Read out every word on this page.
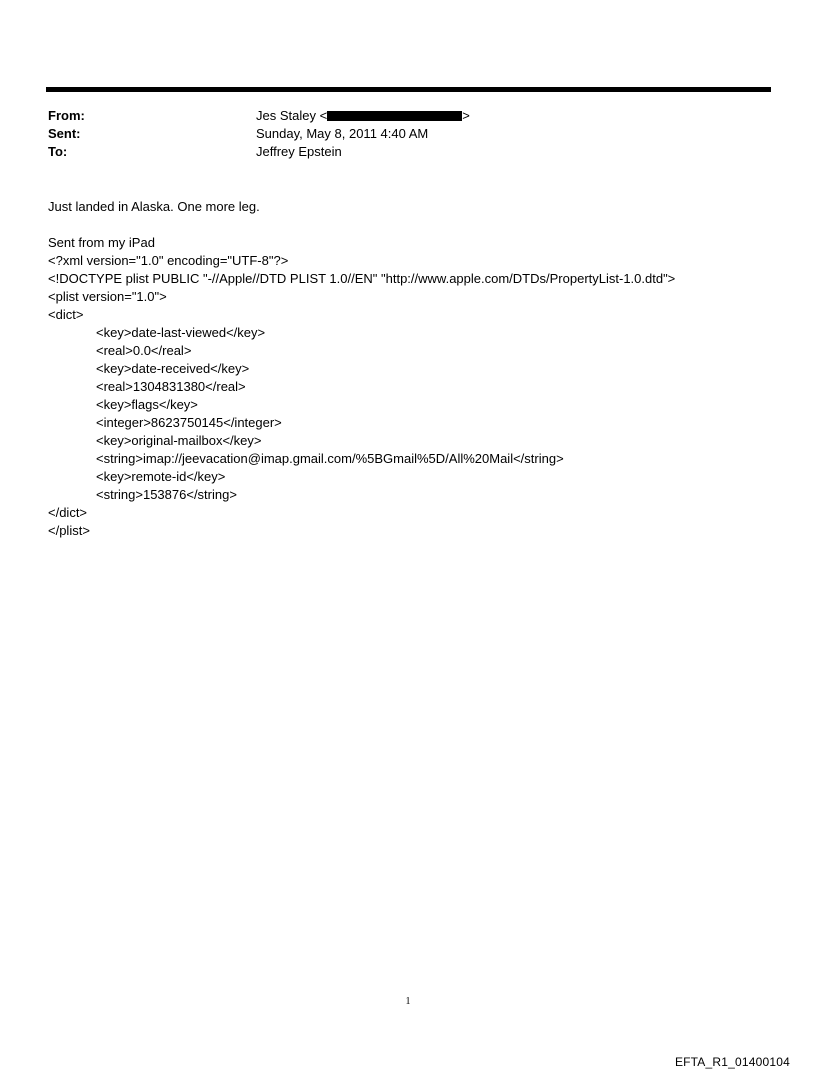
From:	Jes Staley <	>
Sent:	Sunday, May 8, 2011 4:40 AM
To:	Jeffrey Epstein
Just landed in Alaska. One more leg.
Sent from my iPad
<?xml version="1.0" encoding="UTF-8"?>
<!DOCTYPE plist PUBLIC "-//Apple//DTD PLIST 1.0//EN" "http://www.apple.com/DTDs/PropertyList-1.0.dtd">
<plist version="1.0">
<dict>
<key>date-last-viewed</key>
<real>0.0</real>
<key>date-received</key>
<real>1304831380</real>
<key>flags</key>
<integer>8623750145</integer>
<key>original-mailbox</key>
<string>imap://jeevacation@imap.gmail.com/%5BGmail%5D/All%20Mail</string>
<key>remote-id</key>
<string>153876</string>
</dict>
</plist>
1
EFTA_R1_01400104
